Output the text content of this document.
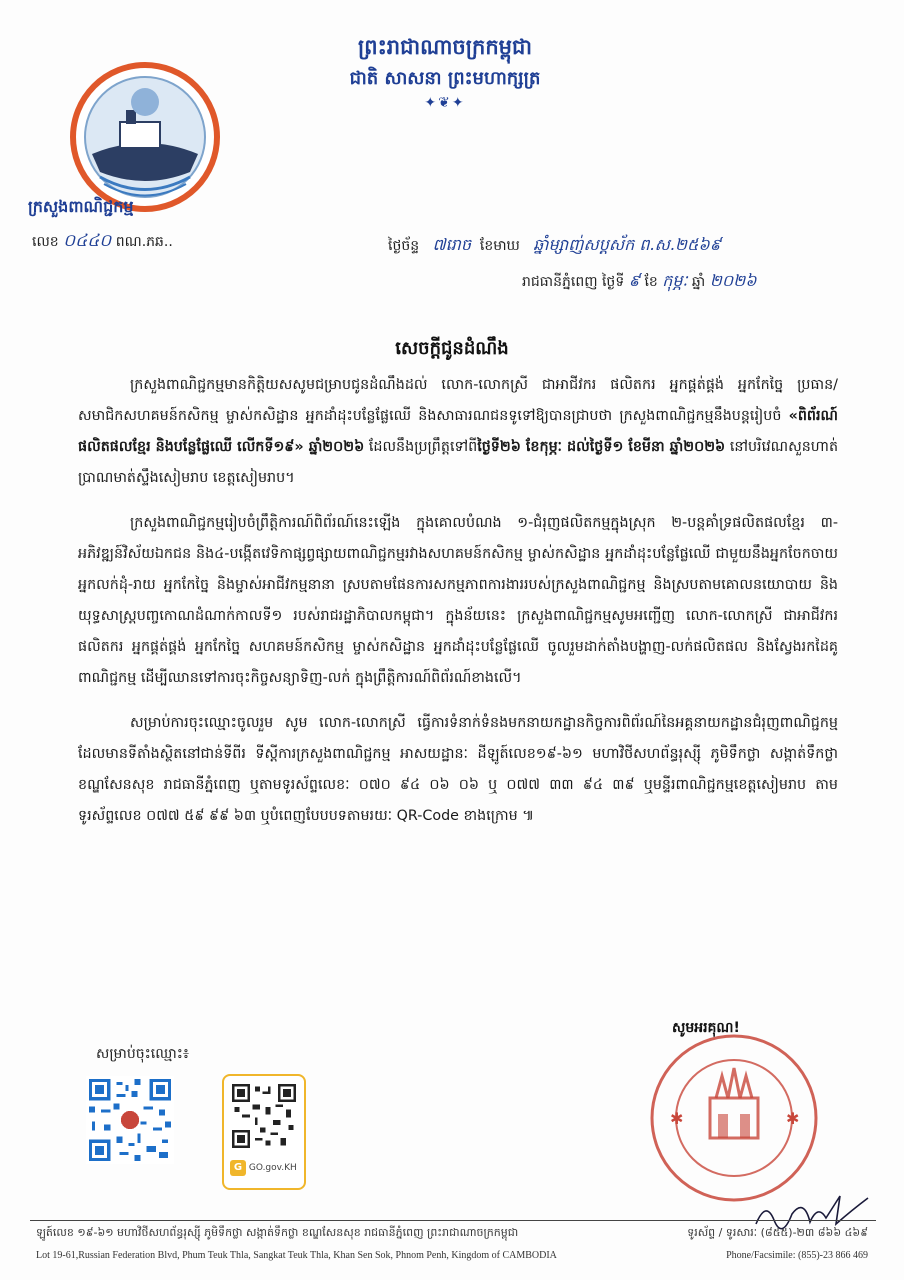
ព្រះរាជាណាចក្រកម្ពុជា
ជាតិ សាសនា ព្រះមហាក្សត្រ
✦❦✦
ក្រសួងពាណិជ្ជកម្ម
លេខ ០៤៤០ ពណ.ភឆ..	ថ្ងៃច័ន្ទ ៧រោច ខែមាឃ ឆ្នាំម្សាញ់សប្តស័ក ព.ស.២៥៦៩
រាជធានីភ្នំពេញ ថ្ងៃទី ៩ ខែ កុម្ភៈ ឆ្នាំ ២០២៦
សេចក្តីជូនដំណឹង

ក្រសួងពាណិជ្ជកម្មមានកិត្តិយសសូមជម្រាបជូនដំណឹងដល់ លោក-លោកស្រី ជាអាជីវករ ផលិតករ អ្នកផ្គត់ផ្គង់ អ្នកកែច្នៃ ប្រធាន/សមាជិកសហគមន៍កសិកម្ម ម្ចាស់កសិដ្ឋាន អ្នកដាំដុះបន្លែផ្លែឈើ និងសាធារណជនទូទៅឱ្យបានជ្រាបថា ក្រសួងពាណិជ្ជកម្មនឹងបន្តរៀបចំ «ពិព័រណ៍ផលិតផលខ្មែរ និងបន្លែផ្លែឈើ លើកទី១៩» ឆ្នាំ២០២៦ ដែលនឹងប្រព្រឹត្តទៅពីថ្ងៃទី២៦ ខែកុម្ភៈ ដល់ថ្ងៃទី១ ខែមីនា ឆ្នាំ២០២៦ នៅបរិវេណសួនហាត់ប្រាណមាត់ស្ទឹងសៀមរាប ខេត្តសៀមរាប។

ក្រសួងពាណិជ្ជកម្មរៀបចំព្រឹត្តិការណ៍ពិព័រណ៍នេះឡើង ក្នុងគោលបំណង ១-ជំរុញផលិតកម្មក្នុងស្រុក ២-បន្តគាំទ្រផលិតផលខ្មែរ ៣-អភិវឌ្ឍន៍វិស័យឯកជន និង៤-បង្កើតវេទិកាផ្សព្វផ្សាយពាណិជ្ជកម្មរវាងសហគមន៍កសិកម្ម ម្ចាស់កសិដ្ឋាន អ្នកដាំដុះបន្លែផ្លែឈើ ជាមួយនឹងអ្នកចែកចាយ អ្នកលក់ដុំ-រាយ អ្នកកែច្នៃ និងម្ចាស់អាជីវកម្មនានា ស្របតាមផែនការសកម្មភាពការងាររបស់ក្រសួងពាណិជ្ជកម្ម និងស្របតាមគោលនយោបាយ និងយុទ្ធសាស្ត្របញ្ចកោណដំណាក់កាលទី១ របស់រាជរដ្ឋាភិបាលកម្ពុជា។ ក្នុងន័យនេះ ក្រសួងពាណិជ្ជកម្មសូមអញ្ជើញ លោក-លោកស្រី ជាអាជីវករ ផលិតករ អ្នកផ្គត់ផ្គង់ អ្នកកែច្នៃ សហគមន៍កសិកម្ម ម្ចាស់កសិដ្ឋាន អ្នកដាំដុះបន្លែផ្លែឈើ ចូលរួមដាក់តាំងបង្ហាញ-លក់ផលិតផល និងស្វែងរកដៃគូពាណិជ្ជកម្ម ដើម្បីឈានទៅការចុះកិច្ចសន្យាទិញ-លក់ ក្នុងព្រឹត្តិការណ៍ពិព័រណ៍ខាងលើ។

សម្រាប់ការចុះឈ្មោះចូលរួម សូម លោក-លោកស្រី ធ្វើការទំនាក់ទំនងមកនាយកដ្ឋានកិច្ចការពិព័រណ៍នៃអគ្គនាយកដ្ឋានជំរុញពាណិជ្ជកម្ម ដែលមានទីតាំងស្ថិតនៅជាន់ទីពីរ ទីស្តីការក្រសួងពាណិជ្ជកម្ម អាសយដ្ឋានៈ ដីឡូត៍លេខ១៩-៦១ មហាវិថីសហព័ន្ធរុស្ស៊ី ភូមិទឹកថ្លា សង្កាត់ទឹកថ្លា ខណ្ឌសែនសុខ រាជធានីភ្នំពេញ ឬតាមទូរស័ព្ទលេខៈ ០៧០ ៩៤ ០៦ ០៦ ឬ ០៧៧ ៣៣ ៩៤ ៣៩ ឬមន្ទីរពាណិជ្ជកម្មខេត្តសៀមរាប តាមទូរស័ព្ទលេខ ០៧៧ ៥៩ ៩៩ ៦៣ ឬបំពេញបែបបទតាមរយៈ QR-Code ខាងក្រោម ៕

✱	✱
សូមអរគុណ!
សម្រាប់ចុះឈ្មោះ៖
G GO.gov.KH
ឡូត៍លេខ ១៩-៦១ មហាវិថីសហព័ន្ធរុស្ស៊ី ភូមិទឹកថ្លា សង្កាត់ទឹកថ្លា ខណ្ឌសែនសុខ រាជធានីភ្នំពេញ ព្រះរាជាណាចក្រកម្ពុជា	ទូរស័ព្ទ / ទូរសារៈ (៨៥៥)-២៣ ៨៦៦ ៤៦៩
Lot 19-61,Russian Federation Blvd, Phum Teuk Thla, Sangkat Teuk Thla, Khan Sen Sok, Phnom Penh, Kingdom of CAMBODIA	Phone/Facsimile: (855)-23 866 469
